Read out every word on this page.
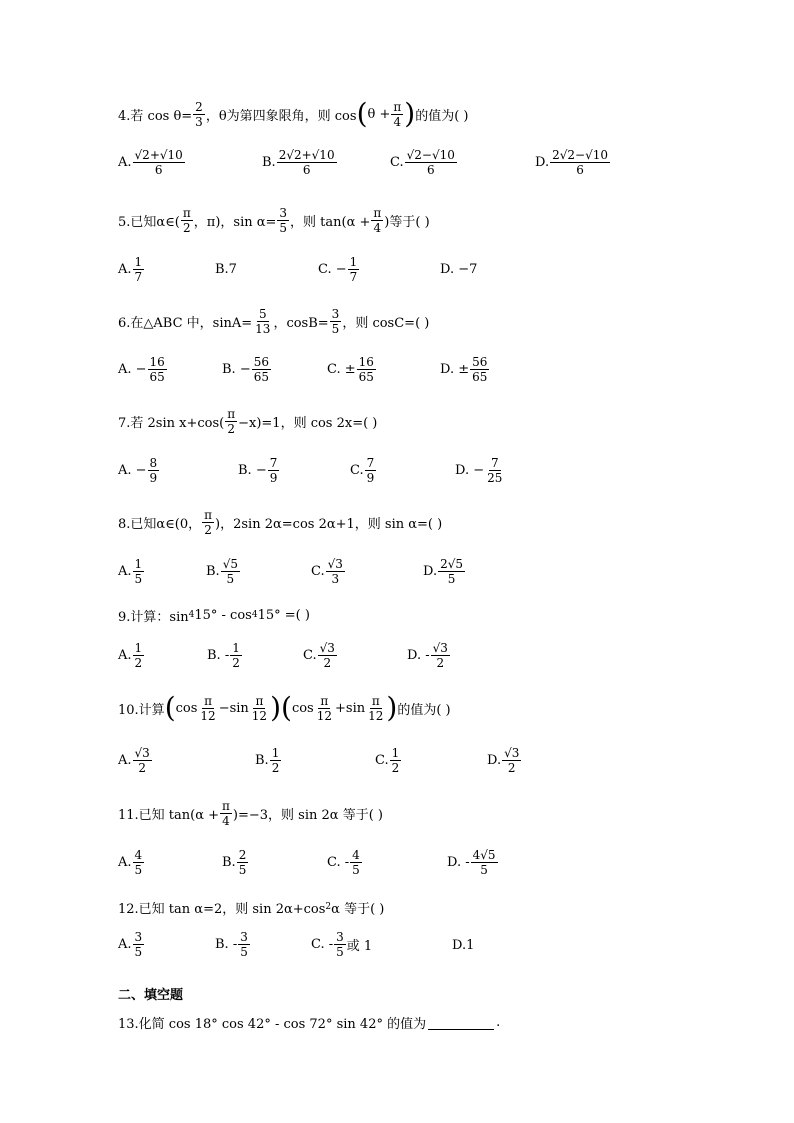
4.若 $\cos \theta= \frac{2}{3}$ ，θ为第四象限角，则 cos ( $\theta + \frac{\pi}{4}$ ) 的值为( )
A. $\frac{√2+√10}{6}$	B. $\frac{2√2+√10}{6}$	C. $\frac{√2-√10}{6}$	D. $\frac{2√2-√10}{6}$
5.已知α∈( $\frac{\pi}{2}$ ，π)，$\sin \alpha= \frac{3}{5}$ ，则 $\tan(\alpha + \frac{\pi}{4}$ )等于( )
A. $\frac{1}{7}$	B.7	C. − $\frac{1}{7}$	D. −7
6.在△ABC 中，$\sin A= \frac{5}{13}$ ，$\cos B= \frac{3}{5}$ ，则 cosC=( )
A. − $\frac{16}{65}$	B. − $\frac{56}{65}$	C. ± $\frac{16}{65}$	D. ± $\frac{56}{65}$
7.若 2sin $x+\cos( \frac{\pi}{2} -x)=1$，则 cos 2x=( )
A. − $\frac{8}{9}$	B. − $\frac{7}{9}$	C. $\frac{7}{9}$	D. − $\frac{7}{25}$
8.已知α∈(0， $\frac{\pi}{2}$ )，2sin 2α=cos 2α+1，则 sin α=( )
A. $\frac{1}{5}$	B. $\frac{√5}{5}$	C. $\frac{√3}{3}$	D. $\frac{2√5}{5}$
9.计算：sin 4 15° - cos 4 15° =( )
A. $\frac{1}{2}$	B. - $\frac{1}{2}$	C. $\frac{√3}{2}$	D. - $\frac{√3}{2}$
10.计算 ( $\cos \frac{\pi}{12} -\sin \frac{\pi}{12}$ ) ( $\cos \frac{\pi}{12} +\sin \frac{\pi}{12}$ ) 的值为( )
A. $\frac{√3}{2}$	B. $\frac{1}{2}$	C. $\frac{1}{2}$	D. $\frac{√3}{2}$
11.已知 $\tan(\alpha + \frac{\pi}{4} )=-3$，则 sin 2α 等于( )
A. $\frac{4}{5}$	B. $\frac{2}{5}$	C. - $\frac{4}{5}$	D. - $\frac{4√5}{5}$
12.已知 tan α=2，则 sin 2α+cos 2 α 等于( )
A. $\frac{3}{5}$	B. - $\frac{3}{5}$	C. - $\frac{3}{5}$ 或 1	D.1
二、填空题
13.化简 cos 18° cos 42° - cos 72° sin 42° 的值为	.
